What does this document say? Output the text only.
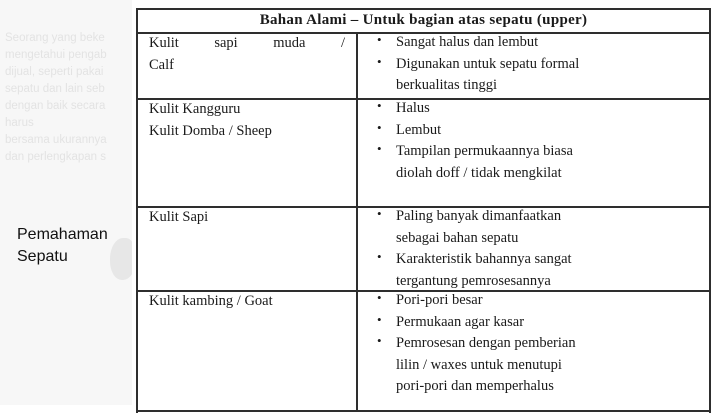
Seorang yang beke
mengetahui pengab
dijual, seperti pakai
sepatu dan lain seb
dengan baik secara
harus
bersama ukurannya
dan perlengkapan s
Pemahaman
Sepatu
Bahan Alami – Untuk bagian atas sepatu (upper)
Kulit sapi muda /
Calf
• Sangat halus dan lembut
• Digunakan untuk sepatu formal
berkualitas tinggi
Kulit Kangguru
Kulit Domba / Sheep
• Halus
• Lembut
• Tampilan permukaannya biasa
diolah doff / tidak mengkilat
Kulit Sapi	• Paling banyak dimanfaatkan
sebagai bahan sepatu
• Karakteristik bahannya sangat
tergantung pemrosesannya
Kulit kambing / Goat	• Pori-pori besar
• Permukaan agar kasar
• Pemrosesan dengan pemberian
lilin / waxes untuk menutupi
pori-pori dan memperhalus
